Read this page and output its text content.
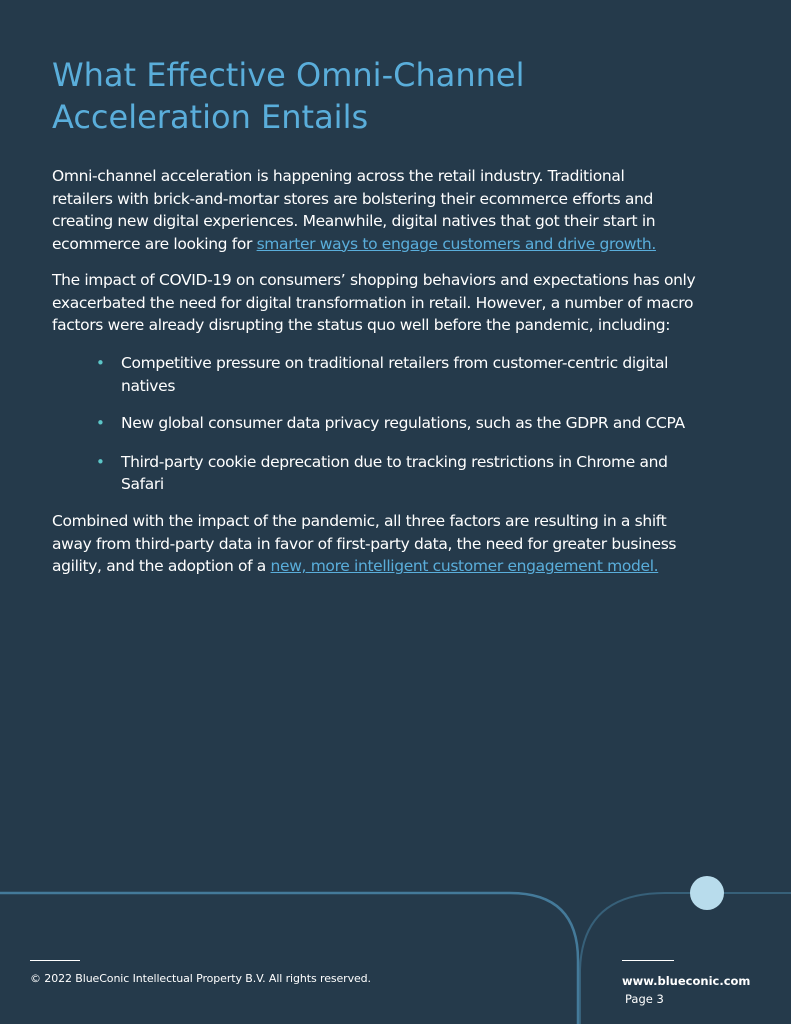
What Effective Omni-Channel
Acceleration Entails

Omni-channel acceleration is happening across the retail industry. Traditional
retailers with brick-and-mortar stores are bolstering their ecommerce efforts and
creating new digital experiences. Meanwhile, digital natives that got their start in
ecommerce are looking for smarter ways to engage customers and drive growth.

The impact of COVID-19 on consumers’ shopping behaviors and expectations has only
exacerbated the need for digital transformation in retail. However, a number of macro
factors were already disrupting the status quo well before the pandemic, including:

• Competitive pressure on traditional retailers from customer-centric digital
natives
• New global consumer data privacy regulations, such as the GDPR and CCPA
• Third-party cookie deprecation due to tracking restrictions in Chrome and
Safari

Combined with the impact of the pandemic, all three factors are resulting in a shift
away from third-party data in favor of first-party data, the need for greater business
agility, and the adoption of a new, more intelligent customer engagement model.

© 2022 BlueConic Intellectual Property B.V. All rights reserved.	www.blueconic.com
Page 3
